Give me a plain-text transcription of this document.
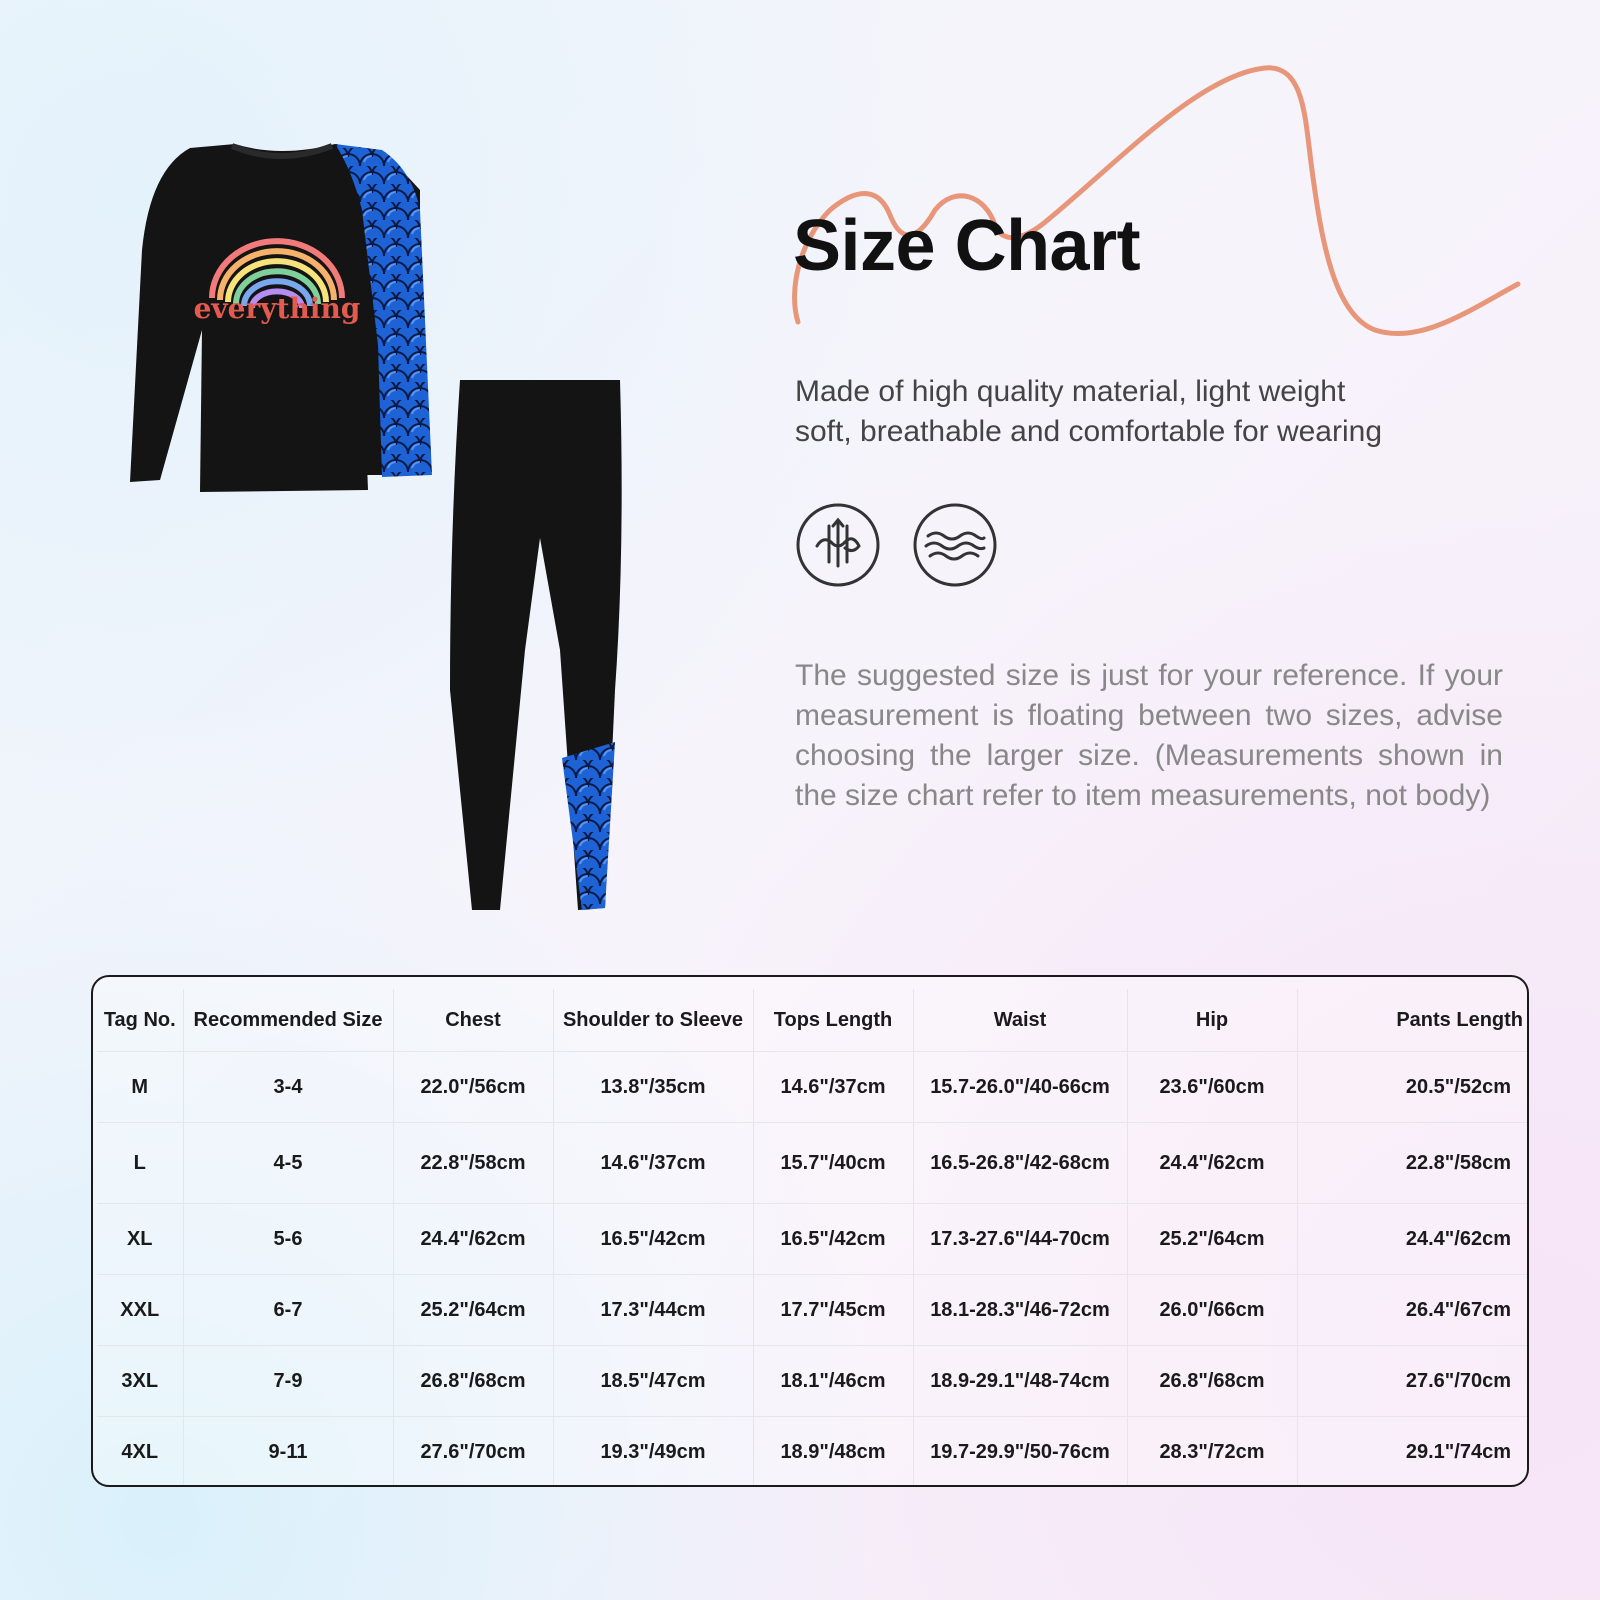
everything
Size Chart

Made of high quality material, light weight
soft, breathable and comfortable for wearing

The suggested size is just for your reference. If your measurement is floating between two sizes, advise choosing the larger size. (Measurements shown in the size chart refer to item measurements, not body)

Tag No.	Recommended Size	Chest	Shoulder to Sleeve	Tops Length	Waist	Hip	Pants Length
M	3-4	22.0"/56cm	13.8"/35cm	14.6"/37cm	15.7-26.0"/40-66cm	23.6"/60cm	20.5"/52cm
L	4-5	22.8"/58cm	14.6"/37cm	15.7"/40cm	16.5-26.8"/42-68cm	24.4"/62cm	22.8"/58cm
XL	5-6	24.4"/62cm	16.5"/42cm	16.5"/42cm	17.3-27.6"/44-70cm	25.2"/64cm	24.4"/62cm
XXL	6-7	25.2"/64cm	17.3"/44cm	17.7"/45cm	18.1-28.3"/46-72cm	26.0"/66cm	26.4"/67cm
3XL	7-9	26.8"/68cm	18.5"/47cm	18.1"/46cm	18.9-29.1"/48-74cm	26.8"/68cm	27.6"/70cm
4XL	9-11	27.6"/70cm	19.3"/49cm	18.9"/48cm	19.7-29.9"/50-76cm	28.3"/72cm	29.1"/74cm
